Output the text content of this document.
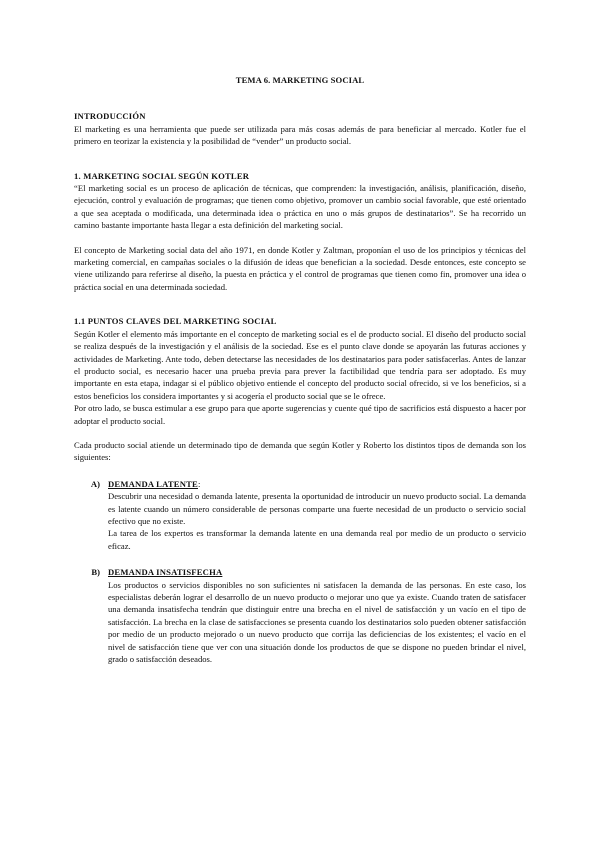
TEMA 6. MARKETING SOCIAL
INTRODUCCIÓN

El marketing es una herramienta que puede ser utilizada para más cosas además de para beneficiar al mercado. Kotler fue el primero en teorizar la existencia y la posibilidad de “vender” un producto social.

1. MARKETING SOCIAL SEGÚN KOTLER

“El marketing social es un proceso de aplicación de técnicas, que comprenden: la investigación, análisis, planificación, diseño, ejecución, control y evaluación de programas; que tienen como objetivo, promover un cambio social favorable, que esté orientado a que sea aceptada o modificada, una determinada idea o práctica en uno o más grupos de destinatarios”. Se ha recorrido un camino bastante importante hasta llegar a esta definición del marketing social.

El concepto de Marketing social data del año 1971, en donde Kotler y Zaltman, proponían el uso de los principios y técnicas del marketing comercial, en campañas sociales o la difusión de ideas que benefician a la sociedad. Desde entonces, este concepto se viene utilizando para referirse al diseño, la puesta en práctica y el control de programas que tienen como fin, promover una idea o práctica social en una determinada sociedad.

1.1 PUNTOS CLAVES DEL MARKETING SOCIAL

Según Kotler el elemento más importante en el concepto de marketing social es el de producto social. El diseño del producto social se realiza después de la investigación y el análisis de la sociedad. Ese es el punto clave donde se apoyarán las futuras acciones y actividades de Marketing. Ante todo, deben detectarse las necesidades de los destinatarios para poder satisfacerlas. Antes de lanzar el producto social, es necesario hacer una prueba previa para prever la factibilidad que tendría para ser adoptado. Es muy importante en esta etapa, indagar si el público objetivo entiende el concepto del producto social ofrecido, si ve los beneficios, si a estos beneficios los considera importantes y si acogería el producto social que se le ofrece.

Por otro lado, se busca estimular a ese grupo para que aporte sugerencias y cuente qué tipo de sacrificios está dispuesto a hacer por adoptar el producto social.

Cada producto social atiende un determinado tipo de demanda que según Kotler y Roberto los distintos tipos de demanda son los siguientes:

A) DEMANDA LATENTE:

Descubrir una necesidad o demanda latente, presenta la oportunidad de introducir un nuevo producto social. La demanda es latente cuando un número considerable de personas comparte una fuerte necesidad de un producto o servicio social efectivo que no existe.

La tarea de los expertos es transformar la demanda latente en una demanda real por medio de un producto o servicio eficaz.

B) DEMANDA INSATISFECHA

Los productos o servicios disponibles no son suficientes ni satisfacen la demanda de las personas. En este caso, los especialistas deberán lograr el desarrollo de un nuevo producto o mejorar uno que ya existe. Cuando traten de satisfacer una demanda insatisfecha tendrán que distinguir entre una brecha en el nivel de satisfacción y un vacío en el tipo de satisfacción. La brecha en la clase de satisfacciones se presenta cuando los destinatarios solo pueden obtener satisfacción por medio de un producto mejorado o un nuevo producto que corrija las deficiencias de los existentes; el vacío en el nivel de satisfacción tiene que ver con una situación donde los productos de que se dispone no pueden brindar el nivel, grado o satisfacción deseados.
